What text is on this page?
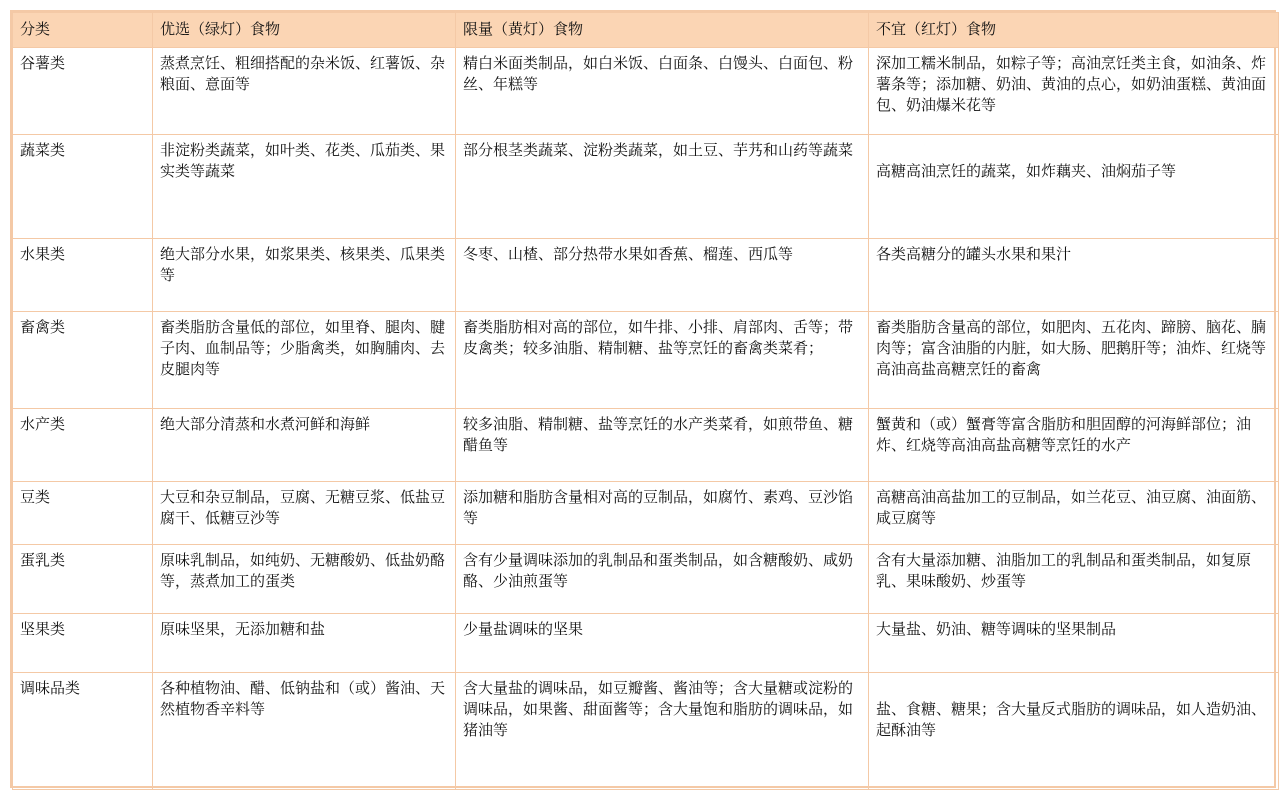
分类	优选（绿灯）食物	限量（黄灯）食物	不宜（红灯）食物
谷薯类	蒸煮烹饪、粗细搭配的杂米饭、红薯饭、杂粮面、意面等	精白米面类制品，如白米饭、白面条、白馒头、白面包、粉丝、年糕等	深加工糯米制品，如粽子等；高油烹饪类主食，如油条、炸薯条等；添加糖、奶油、黄油的点心，如奶油蛋糕、黄油面包、奶油爆米花等
蔬菜类	非淀粉类蔬菜，如叶类、花类、瓜茄类、果实类等蔬菜	部分根茎类蔬菜、淀粉类蔬菜，如土豆、芋艿和山药等蔬菜	高糖高油烹饪的蔬菜，如炸藕夹、油焖茄子等
水果类	绝大部分水果，如浆果类、核果类、瓜果类等	冬枣、山楂、部分热带水果如香蕉、榴莲、西瓜等	各类高糖分的罐头水果和果汁
畜禽类	畜类脂肪含量低的部位，如里脊、腿肉、腱子肉、血制品等；少脂禽类，如胸脯肉、去皮腿肉等	畜类脂肪相对高的部位，如牛排、小排、肩部肉、舌等；带皮禽类；较多油脂、精制糖、盐等烹饪的畜禽类菜肴；	畜类脂肪含量高的部位，如肥肉、五花肉、蹄膀、脑花、腩肉等；富含油脂的内脏，如大肠、肥鹅肝等；油炸、红烧等高油高盐高糖烹饪的畜禽
水产类	绝大部分清蒸和水煮河鲜和海鲜	较多油脂、精制糖、盐等烹饪的水产类菜肴，如煎带鱼、糖醋鱼等	蟹黄和（或）蟹膏等富含脂肪和胆固醇的河海鲜部位；油炸、红烧等高油高盐高糖等烹饪的水产
豆类	大豆和杂豆制品，豆腐、无糖豆浆、低盐豆腐干、低糖豆沙等	添加糖和脂肪含量相对高的豆制品，如腐竹、素鸡、豆沙馅等	高糖高油高盐加工的豆制品，如兰花豆、油豆腐、油面筋、咸豆腐等
蛋乳类	原味乳制品，如纯奶、无糖酸奶、低盐奶酪等，蒸煮加工的蛋类	含有少量调味添加的乳制品和蛋类制品，如含糖酸奶、咸奶酪、少油煎蛋等	含有大量添加糖、油脂加工的乳制品和蛋类制品，如复原乳、果味酸奶、炒蛋等
坚果类	原味坚果，无添加糖和盐	少量盐调味的坚果	大量盐、奶油、糖等调味的坚果制品
调味品类	各种植物油、醋、低钠盐和（或）酱油、天然植物香辛料等	含大量盐的调味品，如豆瓣酱、酱油等；含大量糖或淀粉的调味品，如果酱、甜面酱等；含大量饱和脂肪的调味品，如猪油等	盐、食糖、糖果；含大量反式脂肪的调味品，如人造奶油、起酥油等
